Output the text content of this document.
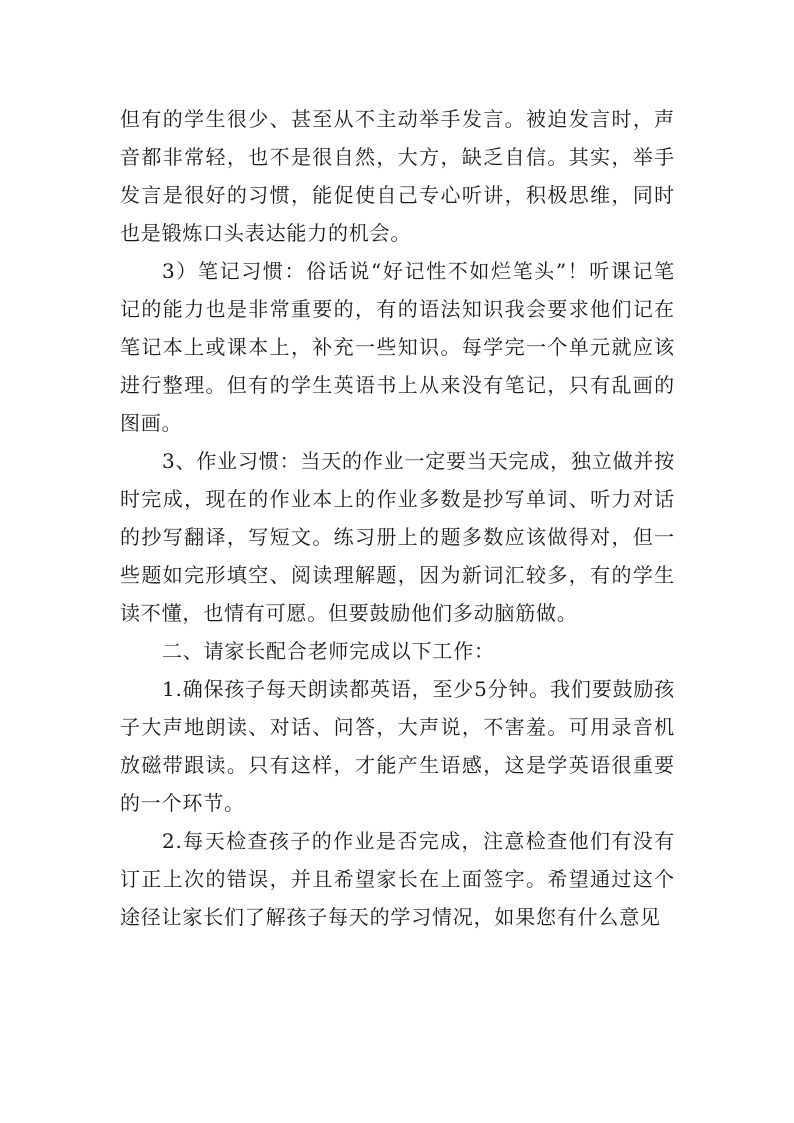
但有的学生很少、甚至从不主动举手发言。被迫发言时，声音都非常轻，也不是很自然，大方，缺乏自信。其实，举手发言是很好的习惯，能促使自己专心听讲，积极思维，同时也是锻炼口头表达能力的机会。

3）笔记习惯：俗话说“好记性不如烂笔头”！听课记笔记的能力也是非常重要的，有的语法知识我会要求他们记在笔记本上或课本上，补充一些知识。每学完一个单元就应该进行整理。但有的学生英语书上从来没有笔记，只有乱画的图画。

3、作业习惯：当天的作业一定要当天完成，独立做并按时完成，现在的作业本上的作业多数是抄写单词、听力对话的抄写翻译，写短文。练习册上的题多数应该做得对，但一些题如完形填空、阅读理解题，因为新词汇较多，有的学生读不懂，也情有可愿。但要鼓励他们多动脑筋做。

二、请家长配合老师完成以下工作：

1.确保孩子每天朗读都英语，至少5分钟。我们要鼓励孩子大声地朗读、对话、问答，大声说，不害羞。可用录音机放磁带跟读。只有这样，才能产生语感，这是学英语很重要的一个环节。

2.每天检查孩子的作业是否完成，注意检查他们有没有订正上次的错误，并且希望家长在上面签字。希望通过这个途径让家长们了解孩子每天的学习情况，如果您有什么意见
